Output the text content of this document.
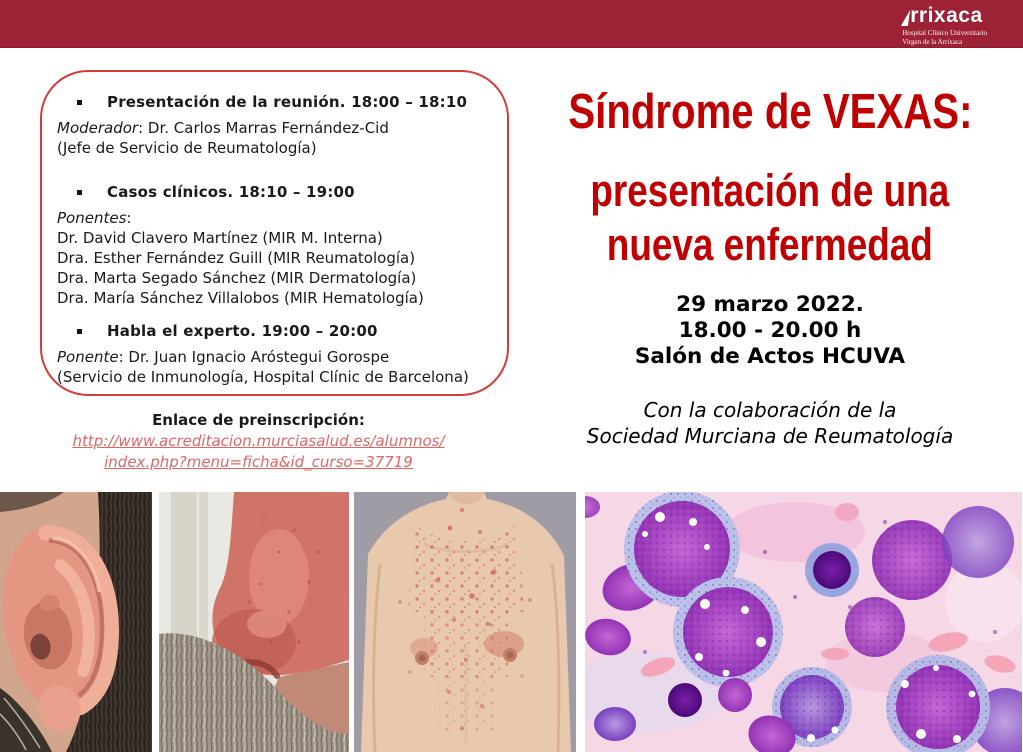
rrixaca
Hospital Clínico Universitario
Virgen de la Arrixaca
Presentación de la reunión. 18:00 – 18:10
Moderador: Dr. Carlos Marras Fernández-Cid
(Jefe de Servicio de Reumatología)
Casos clínicos. 18:10 – 19:00
Ponentes:
Dr. David Clavero Martínez (MIR M. Interna)
Dra. Esther Fernández Guill (MIR Reumatología)
Dra. Marta Segado Sánchez (MIR Dermatología)
Dra. María Sánchez Villalobos (MIR Hematología)
Habla el experto. 19:00 – 20:00
Ponente: Dr. Juan Ignacio Aróstegui Gorospe
(Servicio de Inmunología, Hospital Clínic de Barcelona)
Enlace de preinscripción:
http://www.acreditacion.murciasalud.es/alumnos/
index.php?menu=ficha&id_curso=37719
Síndrome de VEXAS:
presentación de una
nueva enfermedad
29 marzo 2022.
18.00 - 20.00 h
Salón de Actos HCUVA
Con la colaboración de la
Sociedad Murciana de Reumatología
